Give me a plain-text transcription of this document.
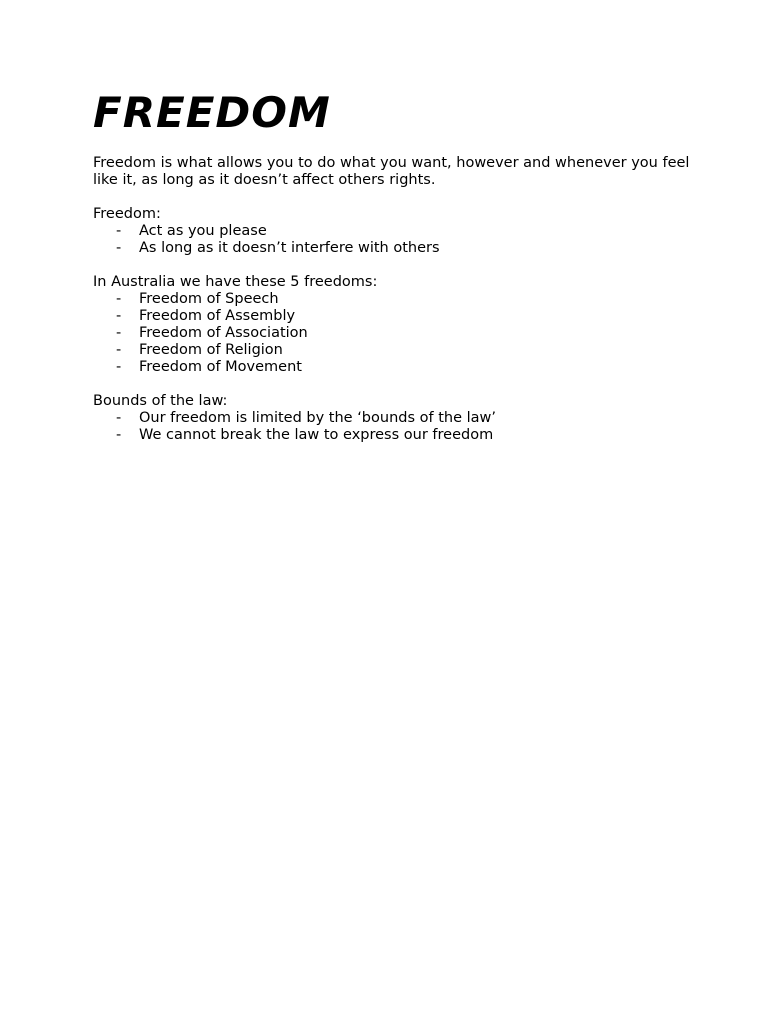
FREEDOM

Freedom is what allows you to do what you want, however and whenever you feel like it, as long as it doesn’t affect others rights.

Freedom:

- Act as you please
- As long as it doesn’t interfere with others

In Australia we have these 5 freedoms:

- Freedom of Speech
- Freedom of Assembly
- Freedom of Association
- Freedom of Religion
- Freedom of Movement

Bounds of the law:

- Our freedom is limited by the ‘bounds of the law’
- We cannot break the law to express our freedom
